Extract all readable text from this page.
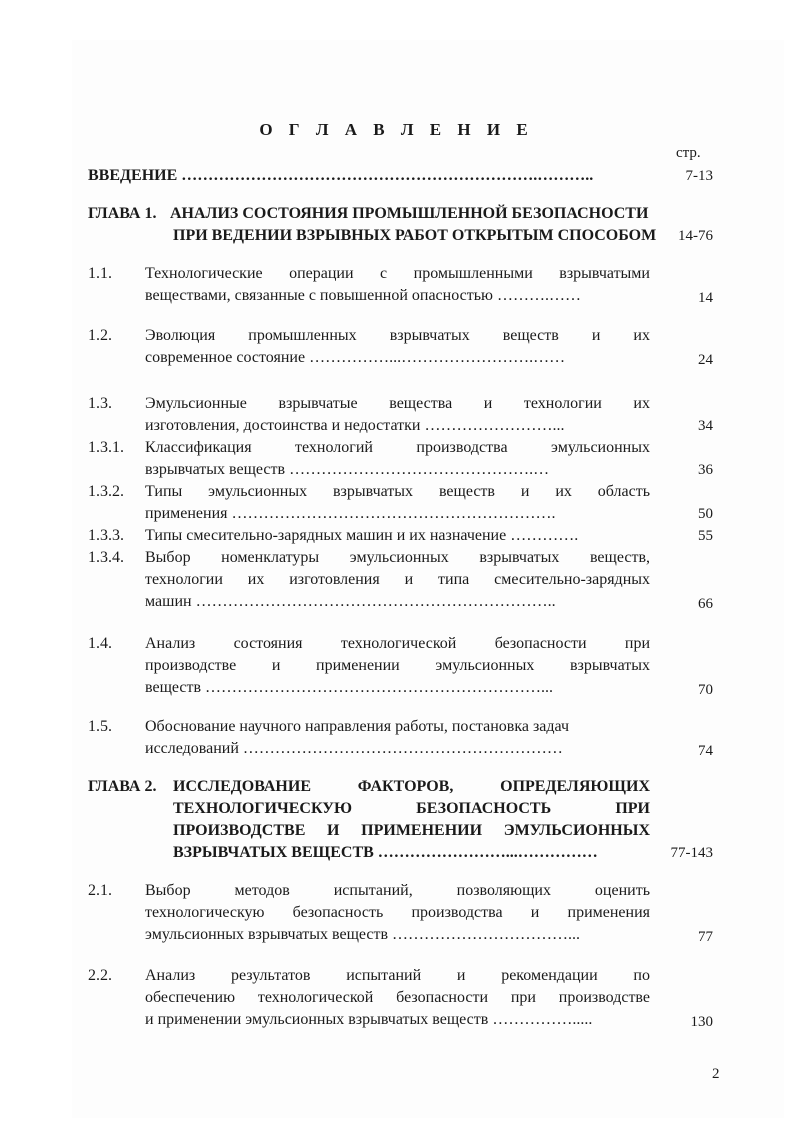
О Г Л А В Л Е Н И Е
стр.
ВВЕДЕНИЕ ………………………………………………………….………..	7-13
ГЛАВА 1. АНАЛИЗ СОСТОЯНИЯ ПРОМЫШЛЕННОЙ БЕЗОПАСНОСТИ
ПРИ ВЕДЕНИИ ВЗРЫВНЫХ РАБОТ ОТКРЫТЫМ СПОСОБОМ 14-76
1.1. Технологические операции с промышленными взрывчатыми
веществами, связанные с повышенной опасностью ……….……	14
1.2. Эволюция промышленных взрывчатых веществ и их
современное состояние ……………...…………………….……	24
1.3. Эмульсионные взрывчатые вещества и технологии их
изготовления, достоинства и недостатки ……………………...	34
1.3.1. Классификация технологий производства эмульсионных
взрывчатых веществ ……………………………………….…	36
1.3.2. Типы эмульсионных взрывчатых веществ и их область
применения …………………………………………………….	50
1.3.3. Типы смесительно-зарядных машин и их назначение ………….	55
1.3.4. Выбор номенклатуры эмульсионных взрывчатых веществ,
технологии их изготовления и типа смесительно-зарядных
машин …………………………………………………………..	66
1.4. Анализ состояния технологической безопасности при
производстве и применении эмульсионных взрывчатых
веществ ………………………………………………………...	70
1.5. Обоснование научного направления работы, постановка задач
исследований ……………………………………………………	74
ГЛАВА 2. ИССЛЕДОВАНИЕ ФАКТОРОВ, ОПРЕДЕЛЯЮЩИХ
ТЕХНОЛОГИЧЕСКУЮ БЕЗОПАСНОСТЬ ПРИ
ПРОИЗВОДСТВЕ И ПРИМЕНЕНИИ ЭМУЛЬСИОННЫХ
ВЗРЫВЧАТЫХ ВЕЩЕСТВ ……………………...……………	77-143
2.1. Выбор методов испытаний, позволяющих оценить
технологическую безопасность производства и применения
эмульсионных взрывчатых веществ ……………………………...	77
2.2. Анализ результатов испытаний и рекомендации по
обеспечению технологической безопасности при производстве
и применении эмульсионных взрывчатых веществ …………….....	130
2
